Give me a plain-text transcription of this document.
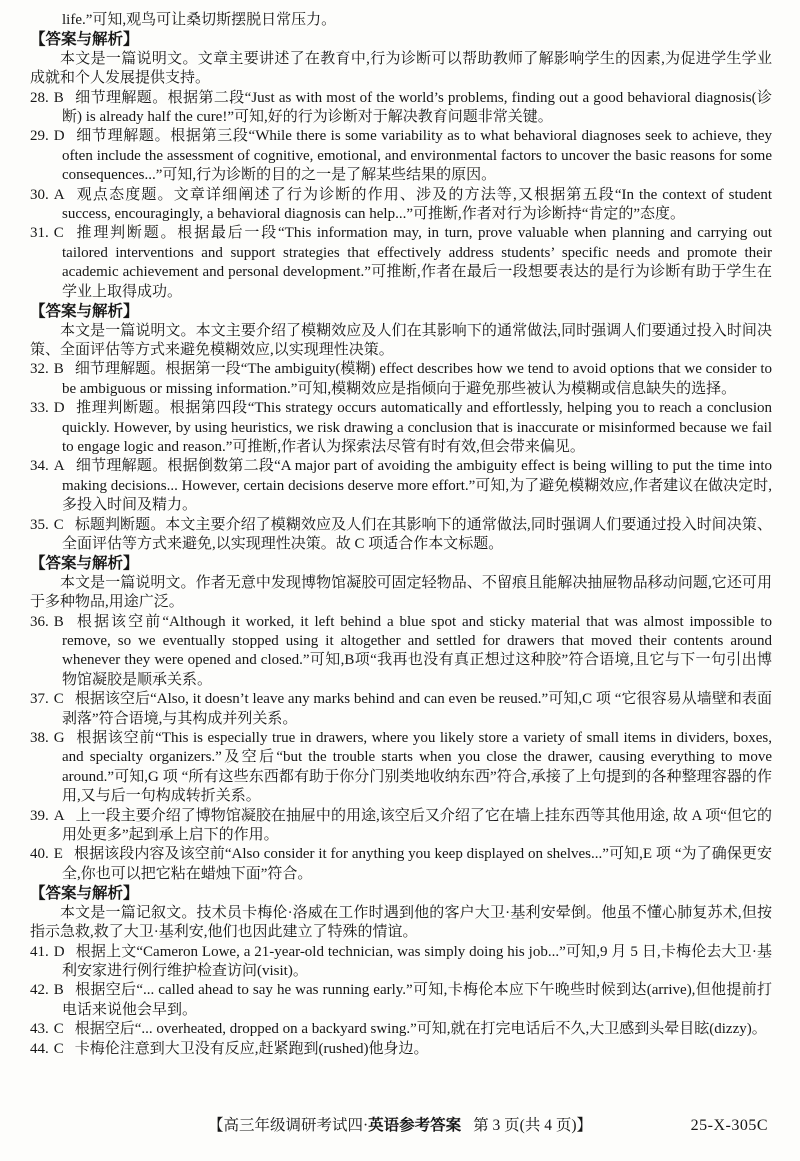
life.”可知,观鸟可让桑切斯摆脱日常压力。

【答案与解析】

本文是一篇说明文。文章主要讲述了在教育中,行为诊断可以帮助教师了解影响学生的因素,为促进学生学业成就和个人发展提供支持。

28. B 细节理解题。根据第二段“Just as with most of the world’s problems, finding out a good behavioral diagnosis(诊断) is already half the cure!”可知,好的行为诊断对于解决教育问题非常关键。

29. D 细节理解题。根据第三段“While there is some variability as to what behavioral diagnoses seek to achieve, they often include the assessment of cognitive, emotional, and environmental factors to uncover the basic reasons for some consequences...”可知,行为诊断的目的之一是了解某些结果的原因。

30. A 观点态度题。文章详细阐述了行为诊断的作用、涉及的方法等,又根据第五段“In the context of student success, encouragingly, a behavioral diagnosis can help...”可推断,作者对行为诊断持“肯定的”态度。

31. C 推理判断题。根据最后一段“This information may, in turn, prove valuable when planning and carrying out tailored interventions and support strategies that effectively address students’ specific needs and promote their academic achievement and personal development.”可推断,作者在最后一段想要表达的是行为诊断有助于学生在学业上取得成功。

【答案与解析】

本文是一篇说明文。本文主要介绍了模糊效应及人们在其影响下的通常做法,同时强调人们要通过投入时间决策、全面评估等方式来避免模糊效应,以实现理性决策。

32. B 细节理解题。根据第一段“The ambiguity(模糊) effect describes how we tend to avoid options that we consider to be ambiguous or missing information.”可知,模糊效应是指倾向于避免那些被认为模糊或信息缺失的选择。

33. D 推理判断题。根据第四段“This strategy occurs automatically and effortlessly, helping you to reach a conclusion quickly. However, by using heuristics, we risk drawing a conclusion that is inaccurate or misinformed because we fail to engage logic and reason.”可推断,作者认为探索法尽管有时有效,但会带来偏见。

34. A 细节理解题。根据倒数第二段“A major part of avoiding the ambiguity effect is being willing to put the time into making decisions... However, certain decisions deserve more effort.”可知,为了避免模糊效应,作者建议在做决定时,多投入时间及精力。

35. C 标题判断题。本文主要介绍了模糊效应及人们在其影响下的通常做法,同时强调人们要通过投入时间决策、全面评估等方式来避免,以实现理性决策。故 C 项适合作本文标题。

【答案与解析】

本文是一篇说明文。作者无意中发现博物馆凝胶可固定轻物品、不留痕且能解决抽屉物品移动问题,它还可用于多种物品,用途广泛。

36. B 根据该空前“Although it worked, it left behind a blue spot and sticky material that was almost impossible to remove, so we eventually stopped using it altogether and settled for drawers that moved their contents around whenever they were opened and closed.”可知,B项“我再也没有真正想过这种胶”符合语境,且它与下一句引出博物馆凝胶是顺承关系。

37. C 根据该空后“Also, it doesn’t leave any marks behind and can even be reused.”可知,C 项 “它很容易从墙壁和表面剥落”符合语境,与其构成并列关系。

38. G 根据该空前“This is especially true in drawers, where you likely store a variety of small items in dividers, boxes, and specialty organizers.”及空后“but the trouble starts when you close the drawer, causing everything to move around.”可知,G 项 “所有这些东西都有助于你分门别类地收纳东西”符合,承接了上句提到的各种整理容器的作用,又与后一句构成转折关系。

39. A 上一段主要介绍了博物馆凝胶在抽屉中的用途,该空后又介绍了它在墙上挂东西等其他用途, 故 A 项“但它的用处更多”起到承上启下的作用。

40. E 根据该段内容及该空前“Also consider it for anything you keep displayed on shelves...”可知,E 项 “为了确保更安全,你也可以把它粘在蜡烛下面”符合。

【答案与解析】

本文是一篇记叙文。技术员卡梅伦·洛威在工作时遇到他的客户大卫·基利安晕倒。他虽不懂心肺复苏术,但按指示急救,救了大卫·基利安,他们也因此建立了特殊的情谊。

41. D 根据上文“Cameron Lowe, a 21-year-old technician, was simply doing his job...”可知,9 月 5 日,卡梅伦去大卫·基利安家进行例行维护检查访问(visit)。

42. B 根据空后“... called ahead to say he was running early.”可知,卡梅伦本应下午晚些时候到达(arrive),但他提前打电话来说他会早到。

43. C 根据空后“... overheated, dropped on a backyard swing.”可知,就在打完电话后不久,大卫感到头晕目眩(dizzy)。

44. C 卡梅伦注意到大卫没有反应,赶紧跑到(rushed)他身边。

【高三年级调研考试四·英语参考答案 第 3 页(共 4 页)】	25-X-305C
